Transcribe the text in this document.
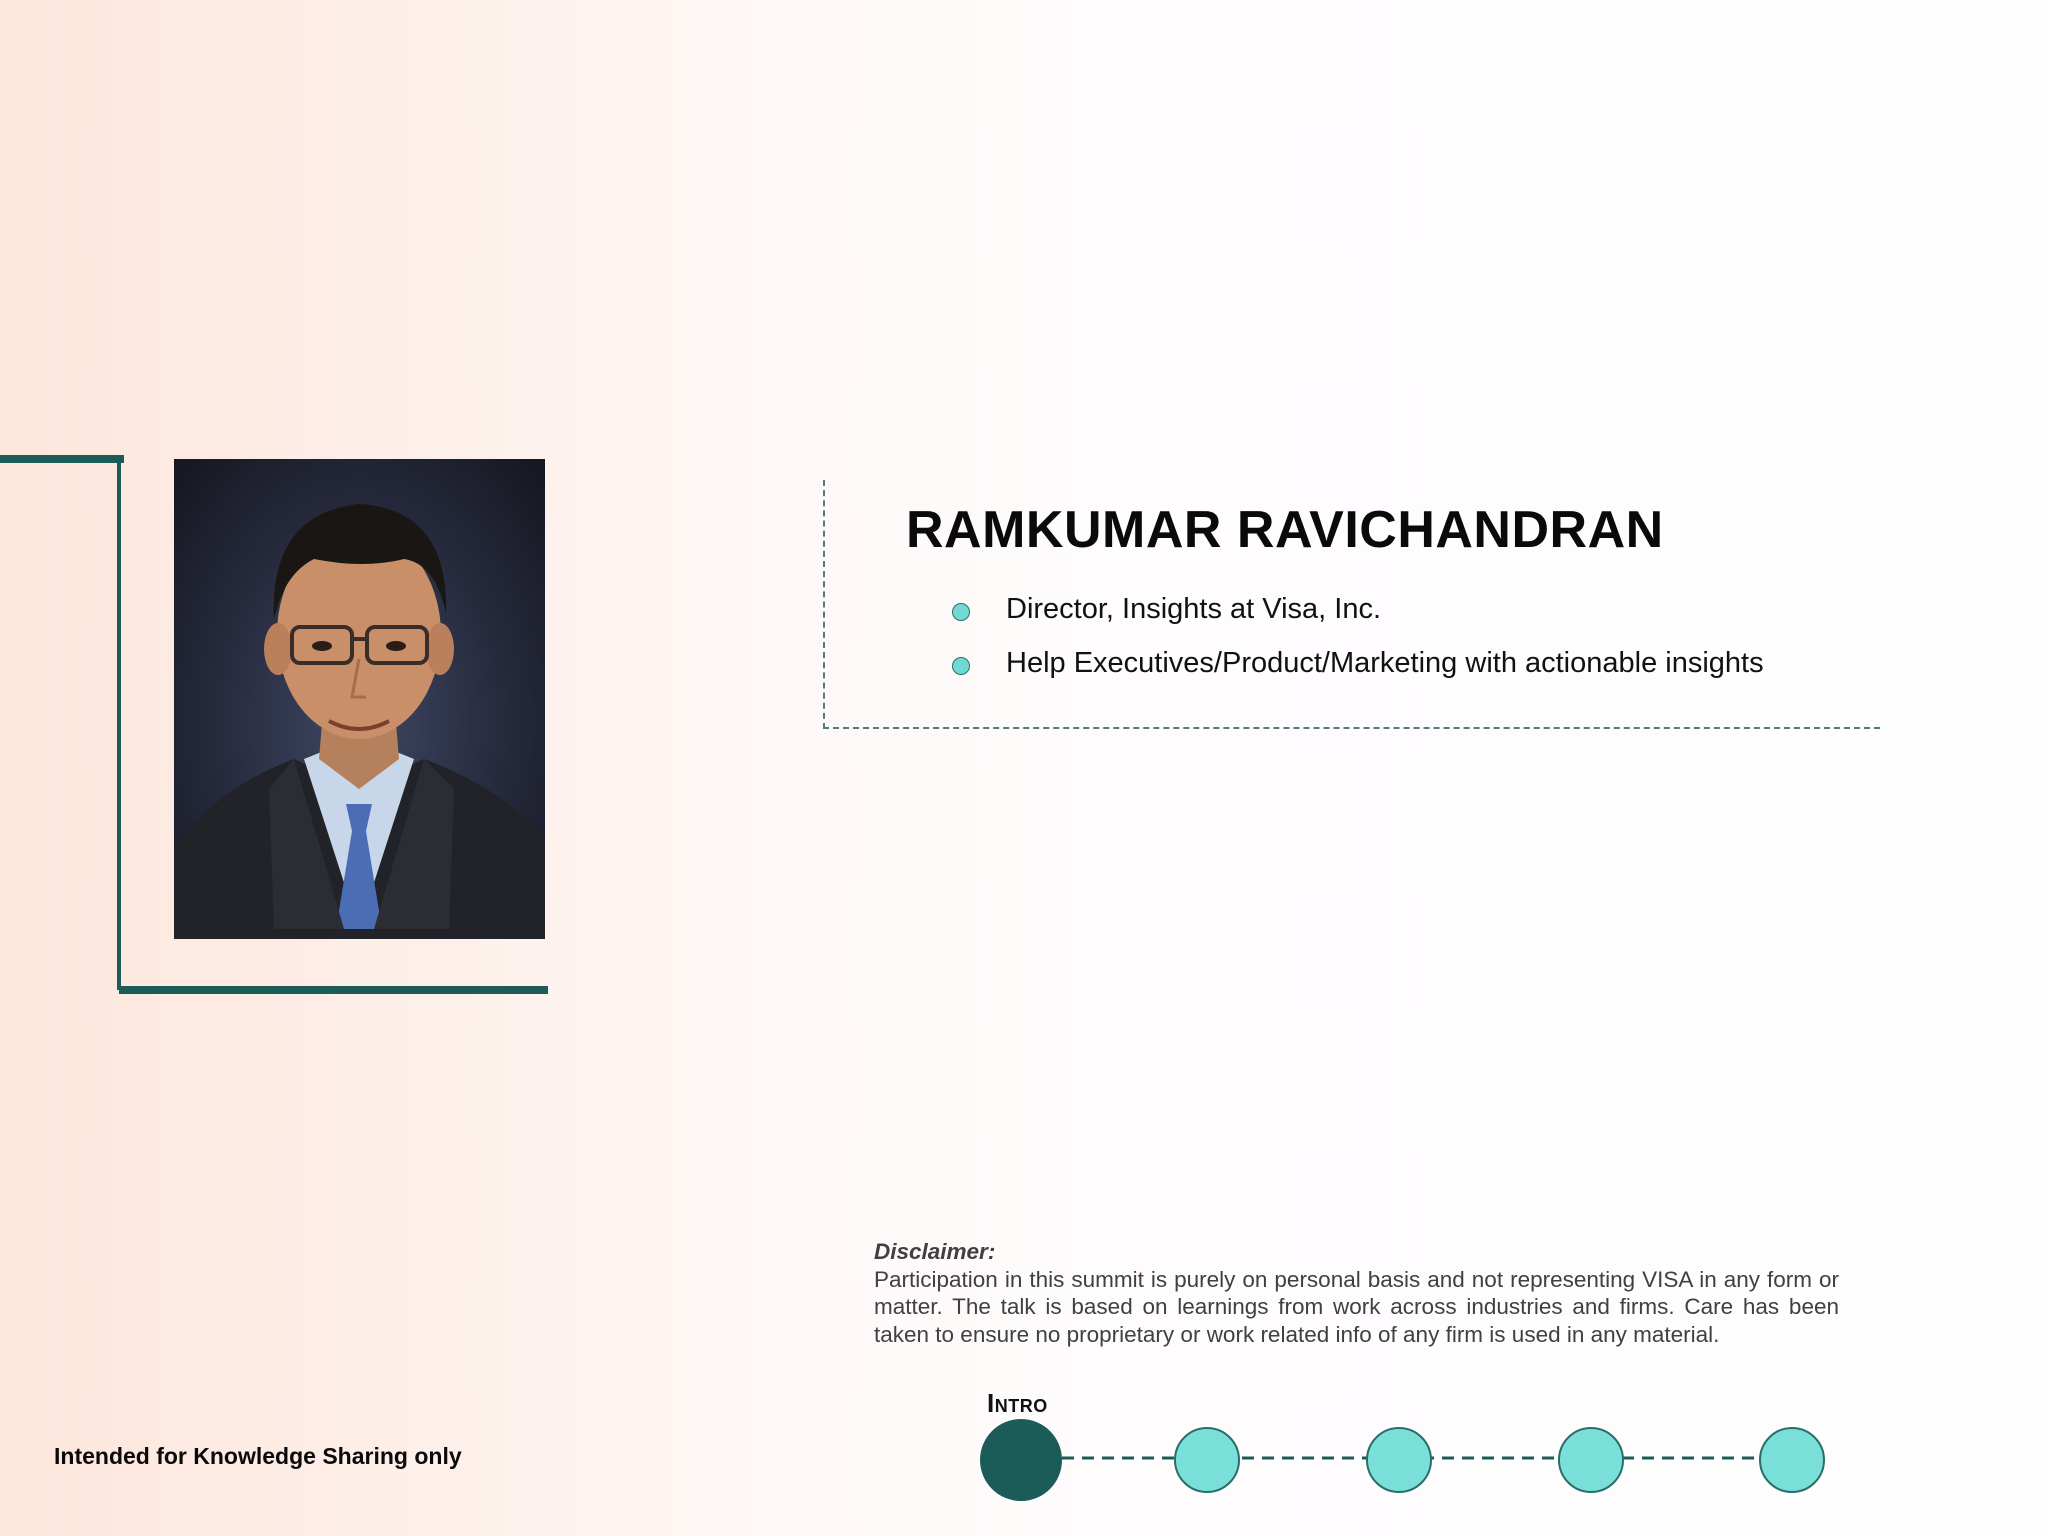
RAMKUMAR RAVICHANDRAN
Director, Insights at Visa, Inc.
Help Executives/Product/Marketing with actionable insights
Disclaimer:
Participation in this summit is purely on personal basis and not representing VISA in any form or matter. The talk is based on learnings from work across industries and firms. Care has been taken to ensure no proprietary or work related info of any firm is used in any material.
Intended for Knowledge Sharing only
Intro
